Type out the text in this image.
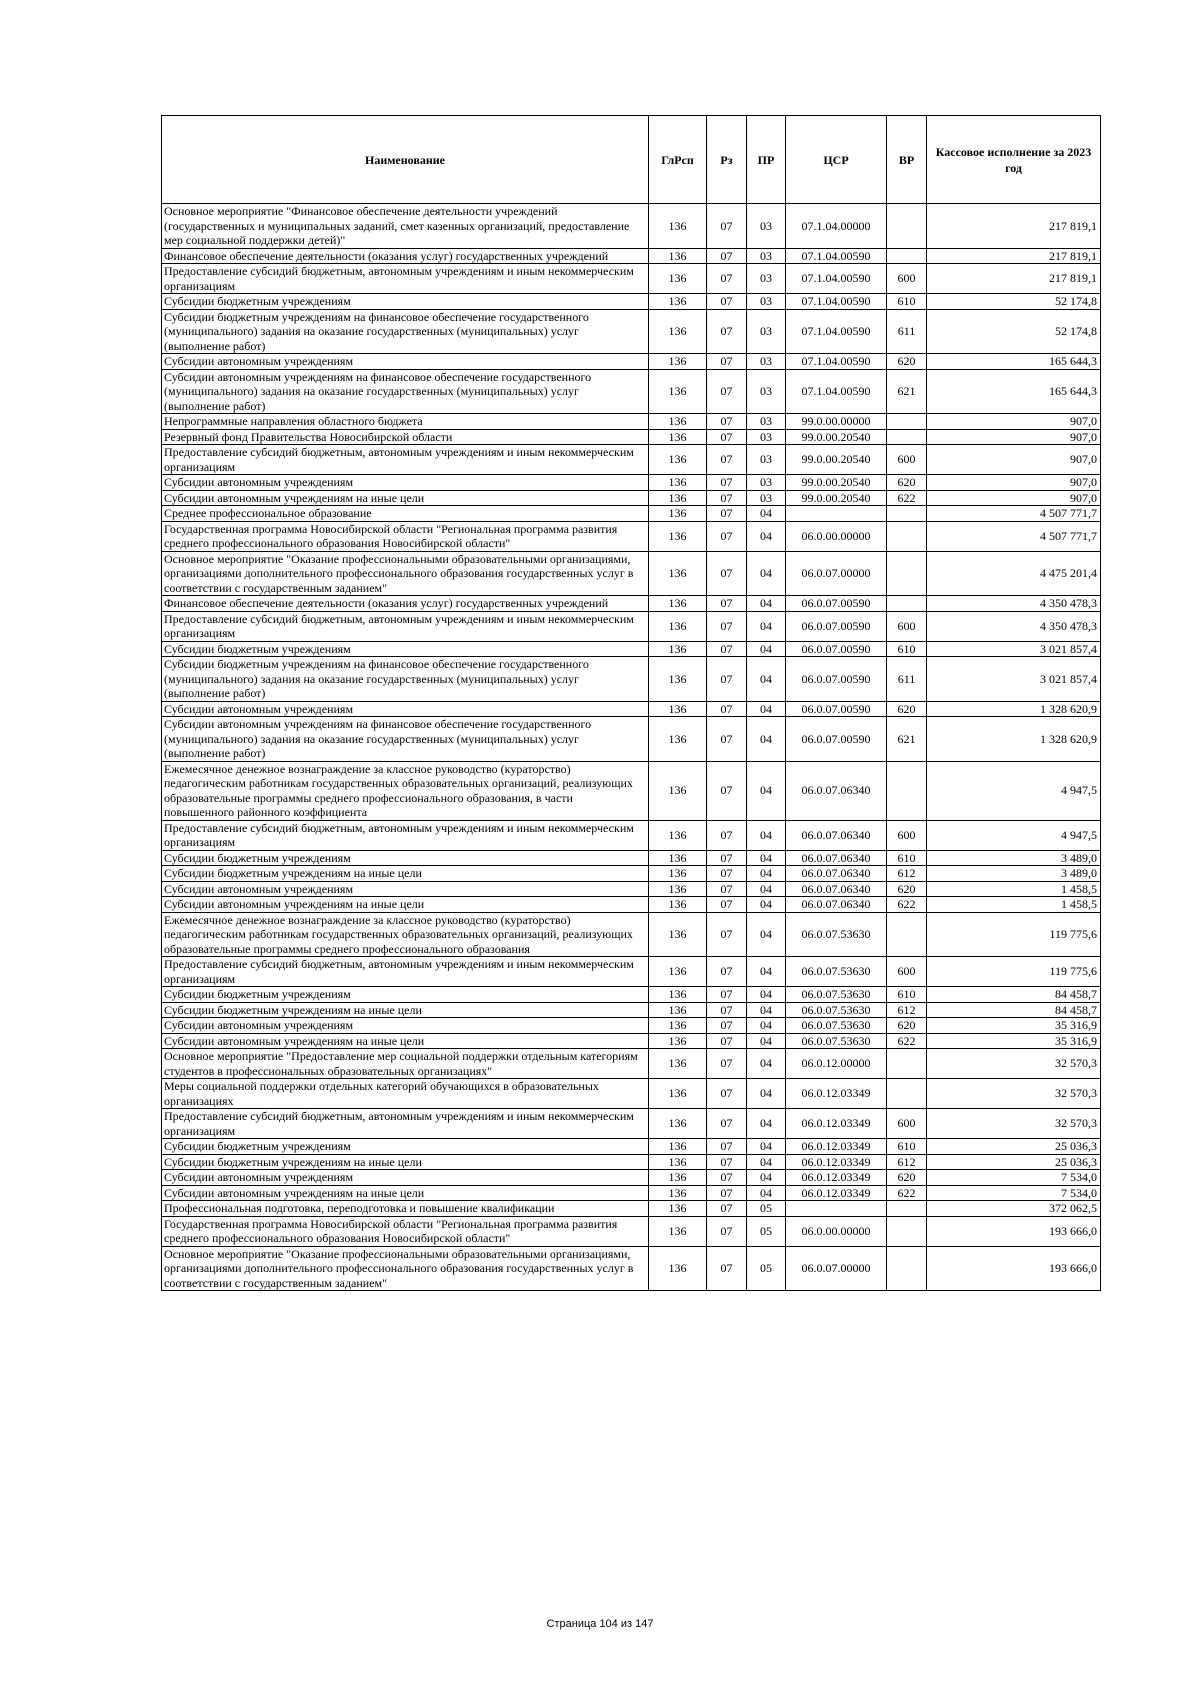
Наименование	ГлРсп	Рз	ПР	ЦСР	ВР	Кассовое исполнение за 2023 год
Основное мероприятие "Финансовое обеспечение деятельности учреждений (государственных и муниципальных заданий, смет казенных организаций, предоставление мер социальной поддержки детей)"	136	07	03	07.1.04.00000		217 819,1
Финансовое обеспечение деятельности (оказания услуг) государственных учреждений	136	07	03	07.1.04.00590		217 819,1
Предоставление субсидий бюджетным, автономным учреждениям и иным некоммерческим организациям	136	07	03	07.1.04.00590	600	217 819,1
Субсидии бюджетным учреждениям	136	07	03	07.1.04.00590	610	52 174,8
Субсидии бюджетным учреждениям на финансовое обеспечение государственного (муниципального) задания на оказание государственных (муниципальных) услуг (выполнение работ)	136	07	03	07.1.04.00590	611	52 174,8
Субсидии автономным учреждениям	136	07	03	07.1.04.00590	620	165 644,3
Субсидии автономным учреждениям на финансовое обеспечение государственного (муниципального) задания на оказание государственных (муниципальных) услуг (выполнение работ)	136	07	03	07.1.04.00590	621	165 644,3
Непрограммные направления областного бюджета	136	07	03	99.0.00.00000		907,0
Резервный фонд Правительства Новосибирской области	136	07	03	99.0.00.20540		907,0
Предоставление субсидий бюджетным, автономным учреждениям и иным некоммерческим организациям	136	07	03	99.0.00.20540	600	907,0
Субсидии автономным учреждениям	136	07	03	99.0.00.20540	620	907,0
Субсидии автономным учреждениям на иные цели	136	07	03	99.0.00.20540	622	907,0
Среднее профессиональное образование	136	07	04			4 507 771,7
Государственная программа Новосибирской области "Региональная программа развития среднего профессионального образования Новосибирской области"	136	07	04	06.0.00.00000		4 507 771,7
Основное мероприятие "Оказание профессиональными образовательными организациями, организациями дополнительного профессионального образования государственных услуг в соответствии с государственным заданием"	136	07	04	06.0.07.00000		4 475 201,4
Финансовое обеспечение деятельности (оказания услуг) государственных учреждений	136	07	04	06.0.07.00590		4 350 478,3
Предоставление субсидий бюджетным, автономным учреждениям и иным некоммерческим организациям	136	07	04	06.0.07.00590	600	4 350 478,3
Субсидии бюджетным учреждениям	136	07	04	06.0.07.00590	610	3 021 857,4
Субсидии бюджетным учреждениям на финансовое обеспечение государственного (муниципального) задания на оказание государственных (муниципальных) услуг (выполнение работ)	136	07	04	06.0.07.00590	611	3 021 857,4
Субсидии автономным учреждениям	136	07	04	06.0.07.00590	620	1 328 620,9
Субсидии автономным учреждениям на финансовое обеспечение государственного (муниципального) задания на оказание государственных (муниципальных) услуг (выполнение работ)	136	07	04	06.0.07.00590	621	1 328 620,9
Ежемесячное денежное вознаграждение за классное руководство (кураторство) педагогическим работникам государственных образовательных организаций, реализующих образовательные программы среднего профессионального образования, в части повышенного районного коэффициента	136	07	04	06.0.07.06340		4 947,5
Предоставление субсидий бюджетным, автономным учреждениям и иным некоммерческим организациям	136	07	04	06.0.07.06340	600	4 947,5
Субсидии бюджетным учреждениям	136	07	04	06.0.07.06340	610	3 489,0
Субсидии бюджетным учреждениям на иные цели	136	07	04	06.0.07.06340	612	3 489,0
Субсидии автономным учреждениям	136	07	04	06.0.07.06340	620	1 458,5
Субсидии автономным учреждениям на иные цели	136	07	04	06.0.07.06340	622	1 458,5
Ежемесячное денежное вознаграждение за классное руководство (кураторство) педагогическим работникам государственных образовательных организаций, реализующих образовательные программы среднего профессионального образования	136	07	04	06.0.07.53630		119 775,6
Предоставление субсидий бюджетным, автономным учреждениям и иным некоммерческим организациям	136	07	04	06.0.07.53630	600	119 775,6
Субсидии бюджетным учреждениям	136	07	04	06.0.07.53630	610	84 458,7
Субсидии бюджетным учреждениям на иные цели	136	07	04	06.0.07.53630	612	84 458,7
Субсидии автономным учреждениям	136	07	04	06.0.07.53630	620	35 316,9
Субсидии автономным учреждениям на иные цели	136	07	04	06.0.07.53630	622	35 316,9
Основное мероприятие "Предоставление мер социальной поддержки отдельным категориям студентов в профессиональных образовательных организациях"	136	07	04	06.0.12.00000		32 570,3
Меры социальной поддержки отдельных категорий обучающихся в образовательных организациях	136	07	04	06.0.12.03349		32 570,3
Предоставление субсидий бюджетным, автономным учреждениям и иным некоммерческим организациям	136	07	04	06.0.12.03349	600	32 570,3
Субсидии бюджетным учреждениям	136	07	04	06.0.12.03349	610	25 036,3
Субсидии бюджетным учреждениям на иные цели	136	07	04	06.0.12.03349	612	25 036,3
Субсидии автономным учреждениям	136	07	04	06.0.12.03349	620	7 534,0
Субсидии автономным учреждениям на иные цели	136	07	04	06.0.12.03349	622	7 534,0
Профессиональная подготовка, переподготовка и повышение квалификации	136	07	05			372 062,5
Государственная программа Новосибирской области "Региональная программа развития среднего профессионального образования Новосибирской области"	136	07	05	06.0.00.00000		193 666,0
Основное мероприятие "Оказание профессиональными образовательными организациями, организациями дополнительного профессионального образования государственных услуг в соответствии с государственным заданием"	136	07	05	06.0.07.00000		193 666,0
Страница 104 из 147
